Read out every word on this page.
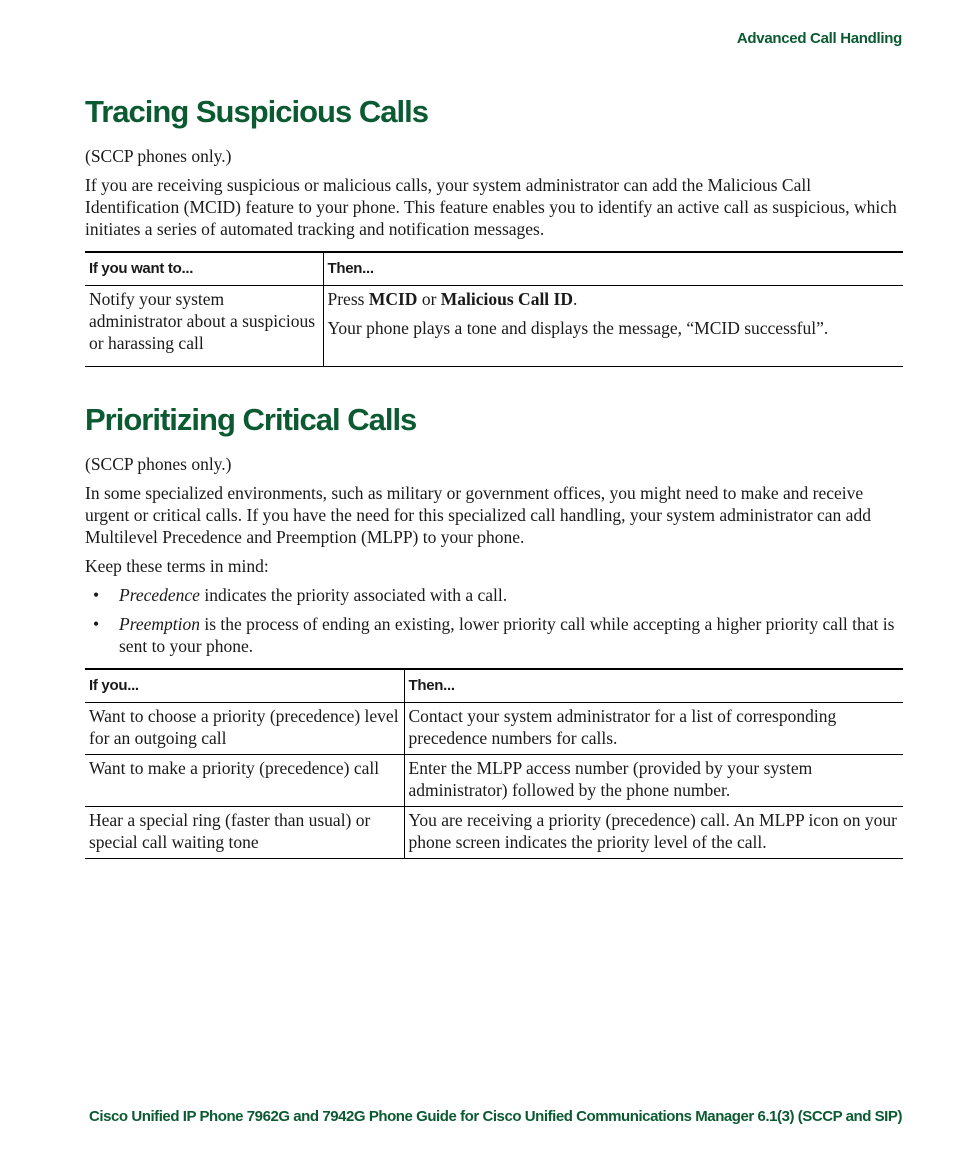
Advanced Call Handling
Tracing Suspicious Calls

(SCCP phones only.)

If you are receiving suspicious or malicious calls, your system administrator can add the Malicious Call Identification (MCID) feature to your phone. This feature enables you to identify an active call as suspicious, which initiates a series of automated tracking and notification messages.

If you want to...	Then...
Notify your system administrator about a suspicious or harassing call	Press MCID or Malicious Call ID.

Your phone plays a tone and displays the message, “MCID successful”.

Prioritizing Critical Calls

(SCCP phones only.)

In some specialized environments, such as military or government offices, you might need to make and receive urgent or critical calls. If you have the need for this specialized call handling, your system administrator can add Multilevel Precedence and Preemption (MLPP) to your phone.

Keep these terms in mind:

• Precedence indicates the priority associated with a call.
• Preemption is the process of ending an existing, lower priority call while accepting a higher priority call that is sent to your phone.
If you...	Then...
Want to choose a priority (precedence) level for an outgoing call	Contact your system administrator for a list of corresponding precedence numbers for calls.
Want to make a priority (precedence) call	Enter the MLPP access number (provided by your system administrator) followed by the phone number.
Hear a special ring (faster than usual) or special call waiting tone	You are receiving a priority (precedence) call. An MLPP icon on your phone screen indicates the priority level of the call.
Cisco Unified IP Phone 7962G and 7942G Phone Guide for Cisco Unified Communications Manager 6.1(3) (SCCP and SIP)
